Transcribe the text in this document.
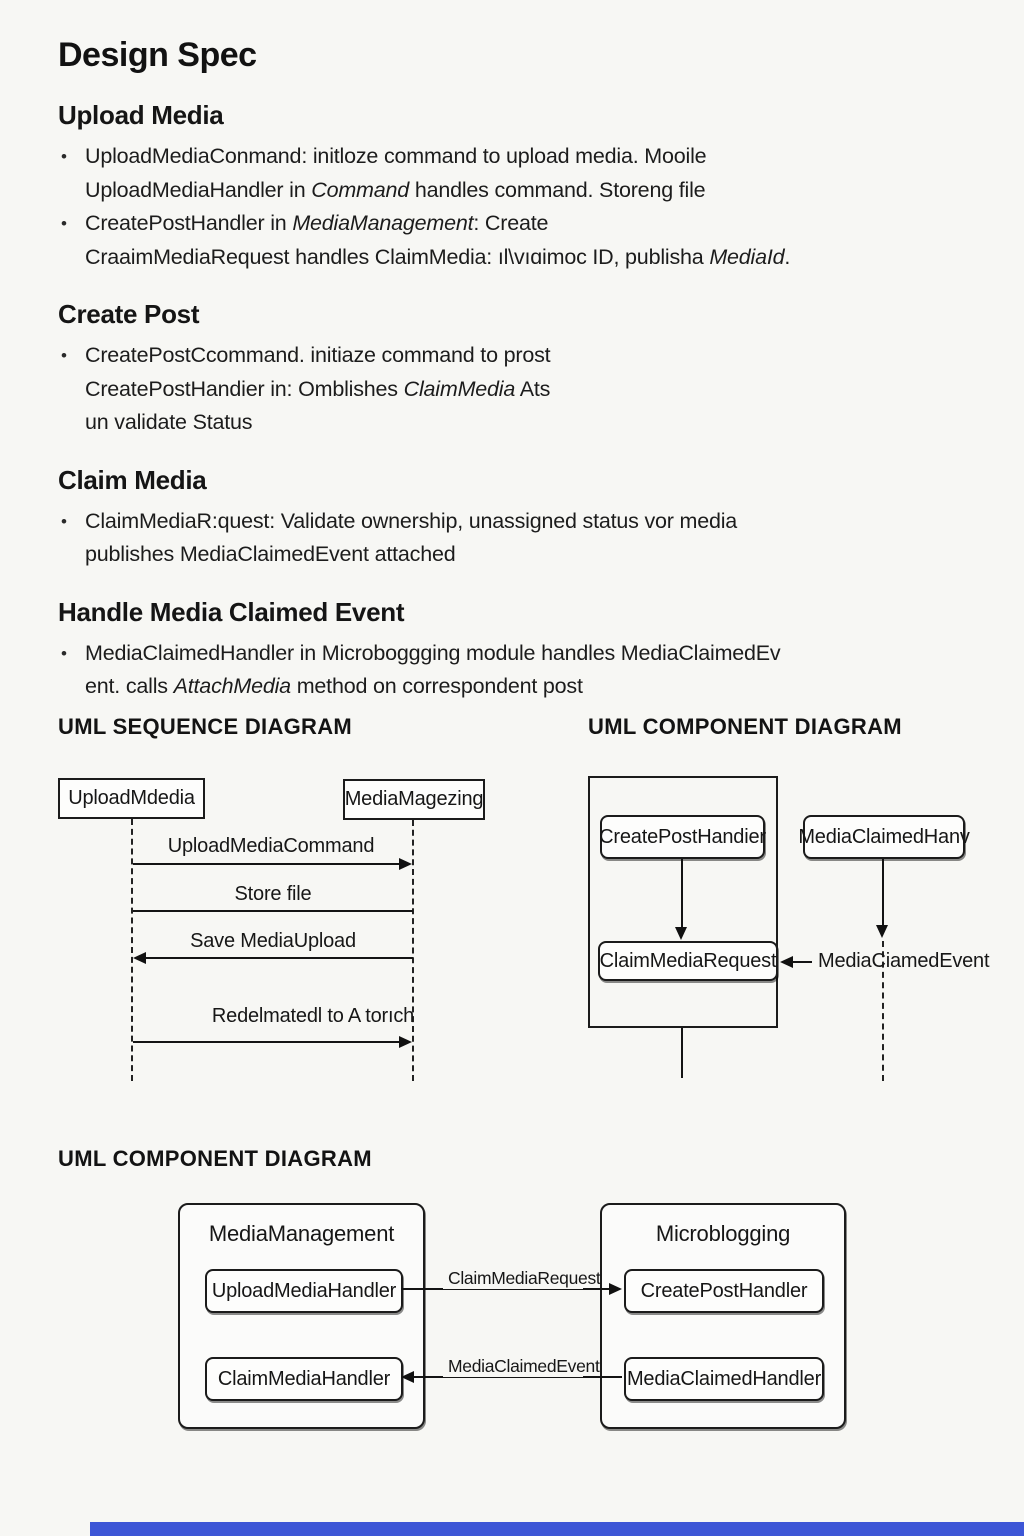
Design Spec
Upload Media
• UploadMediaConmand: initloze command to upload media. Mooile
UploadMediaHandler in Command handles command. Storeng file
• CreatePostHandler in MediaManagement: Create
CraaimMediaRequest handles ClaimMedia: ıl\vıɑimoc ID, publisha MediaId.
Create Post
• CreatePostCcommand. initiaze command to prost
CreatePostHandier in: Omblishes ClaimMedia Ats
un validate Status
Claim Media
• ClaimMediaR:quest: Validate ownership, unassigned status vor media
publishes MediaClaimedEvent attached
Handle Media Claimed Event
• MediaClaimedHandler in Microboggging module handles MediaClaimedEv
ent. calls AttachMedia method on correspondent post
UML SEQUENCE DIAGRAM
UploadMdedia	MediaMagezing
UploadMediaCommand
Store file
Save MediaUpload
Redelmatedl to A torıch
UML COMPONENT DIAGRAM
CreatePostHandier
ClaimMediaRequest
MediaClaimedHanv
MediaCiamedEvent
UML COMPONENT DIAGRAM
MediaManagement
UploadMediaHandler
ClaimMediaHandler
Microblogging
CreatePostHandler
MediaClaimedHandler
ClaimMediaRequest
MediaClaimedEvent
